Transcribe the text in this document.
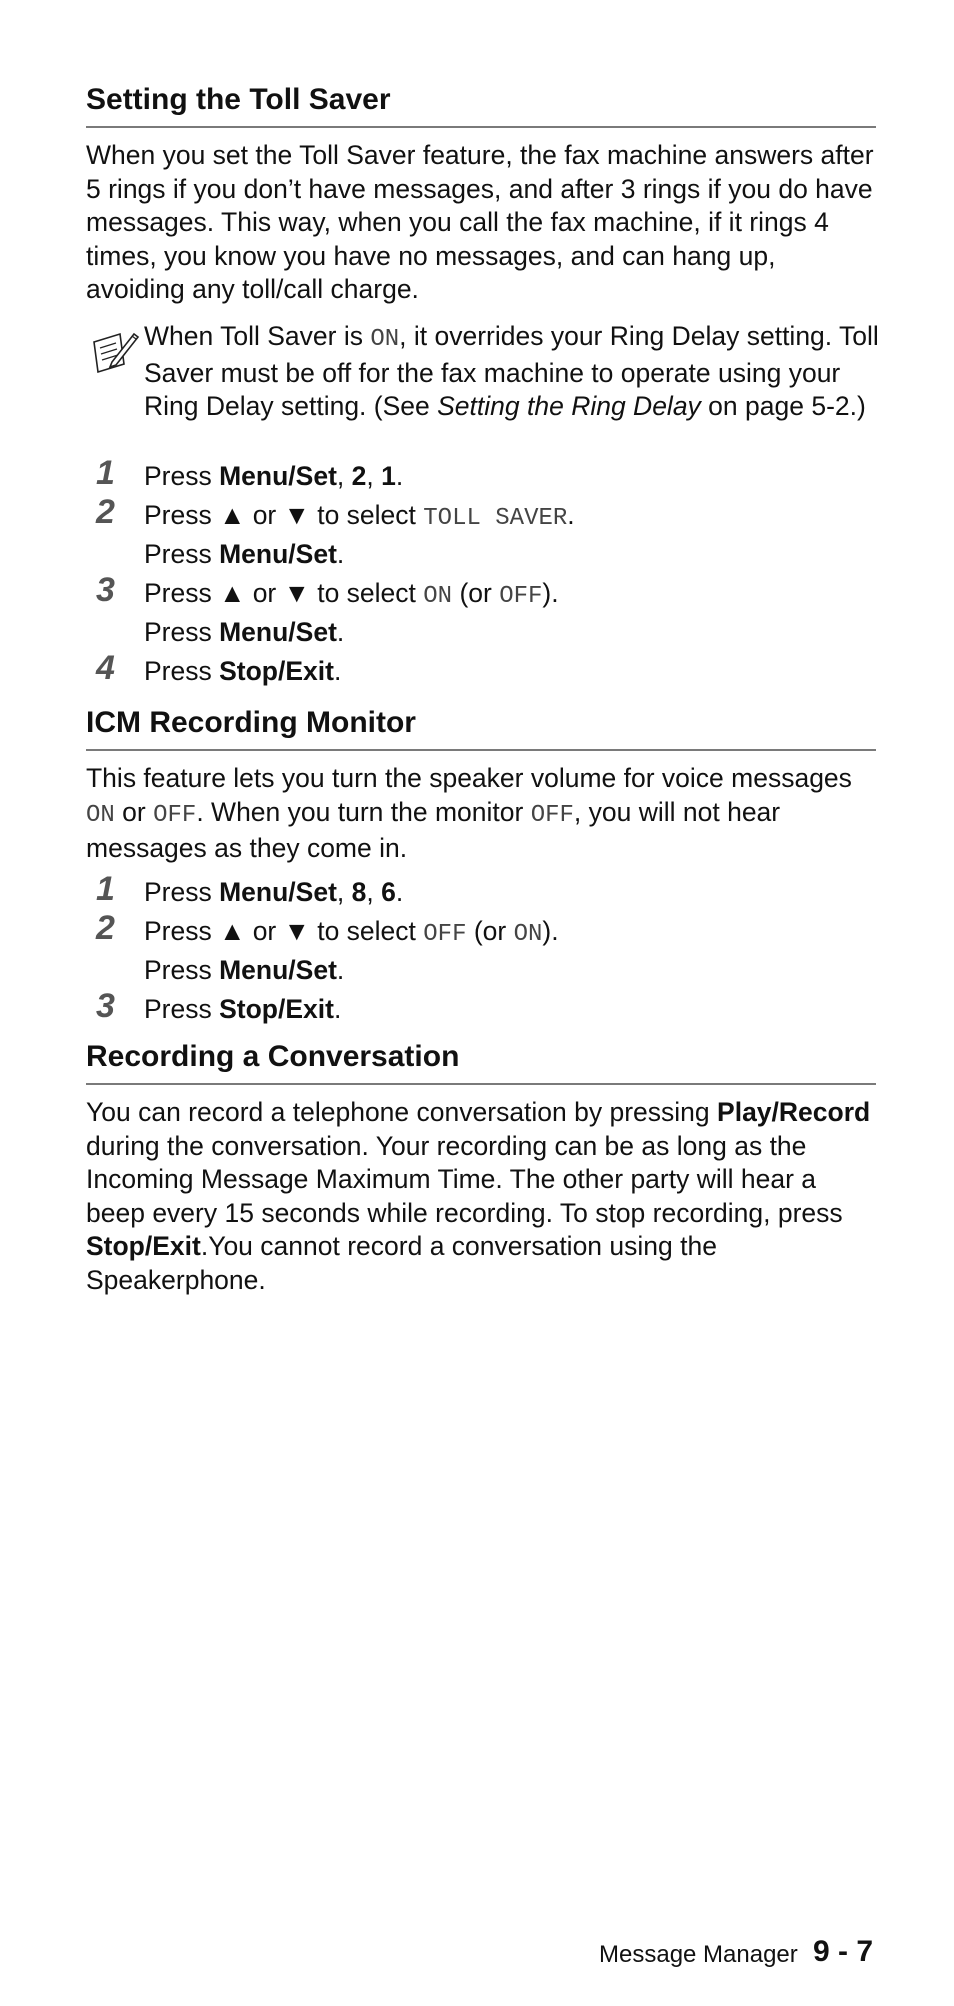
Setting the Toll Saver

When you set the Toll Saver feature, the fax machine answers after 5 rings if you don’t have messages, and after 3 rings if you do have messages. This way, when you call the fax machine, if it rings 4 times, you know you have no messages, and can hang up, avoiding any toll/call charge.

When Toll Saver is ON, it overrides your Ring Delay setting. Toll Saver must be off for the fax machine to operate using your Ring Delay setting. (See Setting the Ring Delay on page 5-2.)

1 Press Menu/Set, 2, 1.
2 Press ▲ or ▼ to select TOLL SAVER.
Press Menu/Set.
3 Press ▲ or ▼ to select ON (or OFF).
Press Menu/Set.
4 Press Stop/Exit.
ICM Recording Monitor

This feature lets you turn the speaker volume for voice messages ON or OFF. When you turn the monitor OFF, you will not hear messages as they come in.

1 Press Menu/Set, 8, 6.
2 Press ▲ or ▼ to select OFF (or ON).
Press Menu/Set.
3 Press Stop/Exit.
Recording a Conversation

You can record a telephone conversation by pressing Play/Record during the conversation. Your recording can be as long as the Incoming Message Maximum Time. The other party will hear a beep every 15 seconds while recording. To stop recording, press Stop/Exit.You cannot record a conversation using the Speakerphone.

Message Manager 9 - 7
